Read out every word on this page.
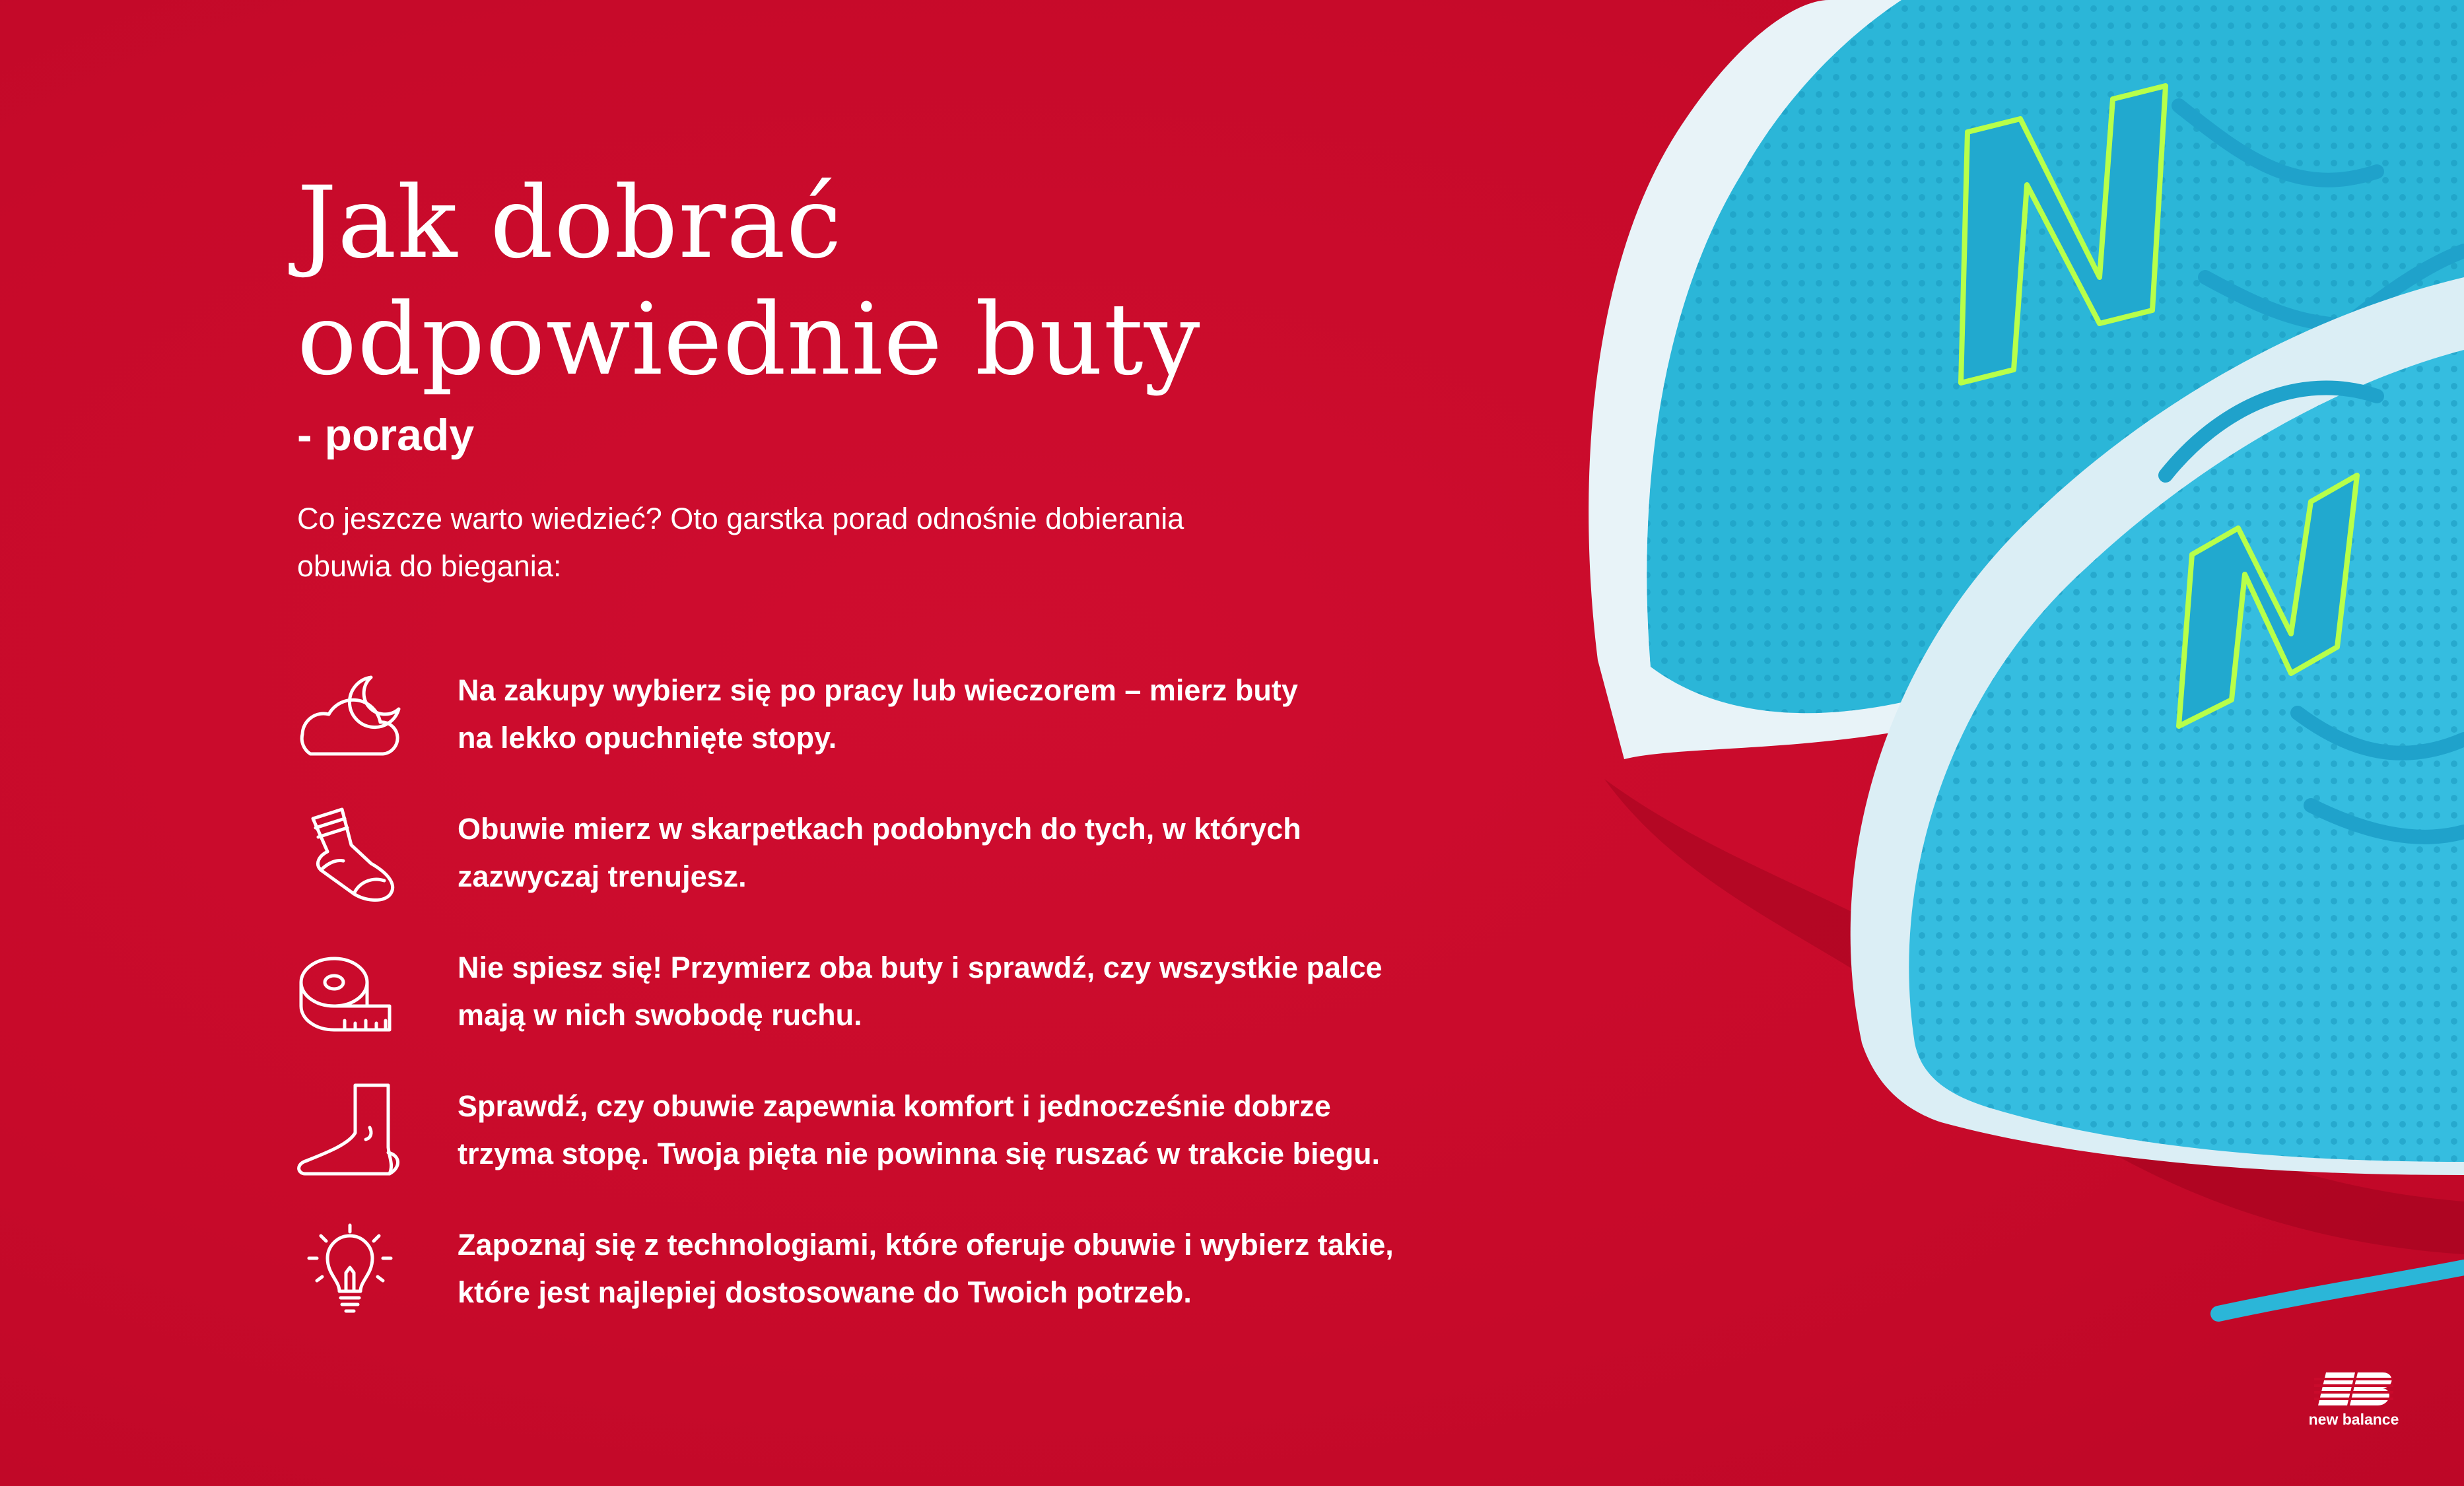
Jak dobrać
odpowiednie buty

- porady

Co jeszcze warto wiedzieć? Oto garstka porad odnośnie dobierania
obuwia do biegania:

Na zakupy wybierz się po pracy lub wieczorem – mierz buty
na lekko opuchnięte stopy.
Obuwie mierz w skarpetkach podobnych do tych, w których
zazwyczaj trenujesz.
Nie spiesz się! Przymierz oba buty i sprawdź, czy wszystkie palce
mają w nich swobodę ruchu.
Sprawdź, czy obuwie zapewnia komfort i jednocześnie dobrze
trzyma stopę. Twoja pięta nie powinna się ruszać w trakcie biegu.
Zapoznaj się z technologiami, które oferuje obuwie i wybierz takie,
które jest najlepiej dostosowane do Twoich potrzeb.
new balance
